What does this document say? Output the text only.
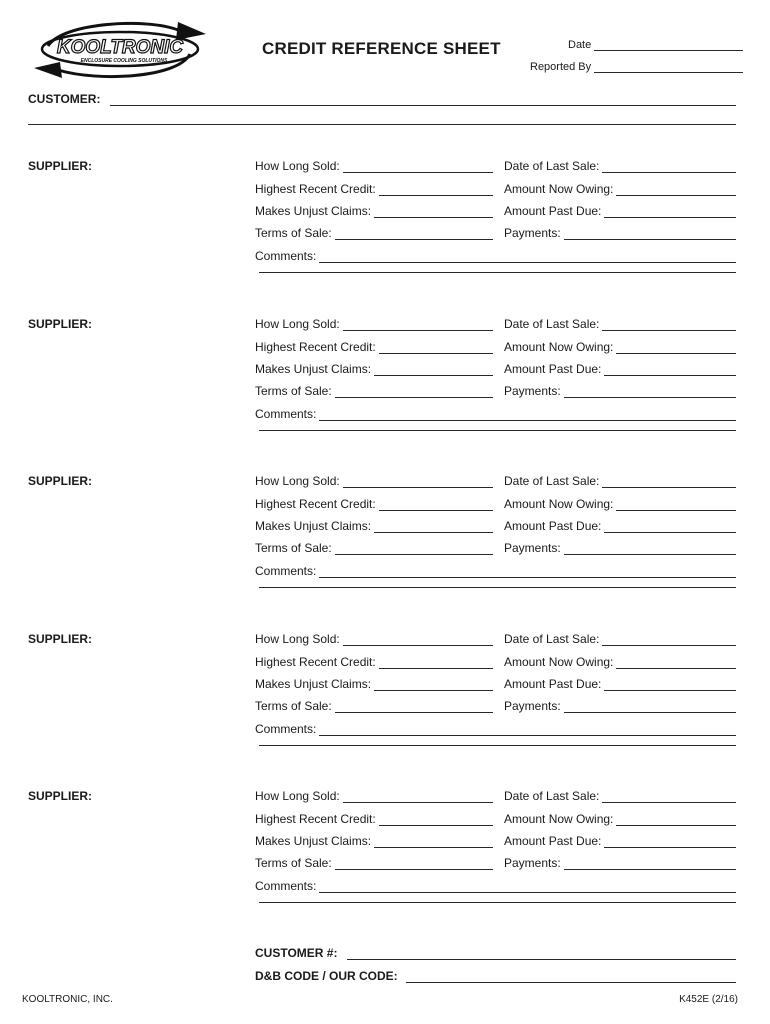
KOOLTRONIC
ENCLOSURE COOLING SOLUTIONS
CREDIT REFERENCE SHEET	Date
Reported By
CUSTOMER:
SUPPLIER:	How Long Sold:	Date of Last Sale:
Highest Recent Credit:	Amount Now Owing:
Makes Unjust Claims:	Amount Past Due:
Terms of Sale:	Payments:
Comments:
SUPPLIER:	How Long Sold:	Date of Last Sale:
Highest Recent Credit:	Amount Now Owing:
Makes Unjust Claims:	Amount Past Due:
Terms of Sale:	Payments:
Comments:
SUPPLIER:	How Long Sold:	Date of Last Sale:
Highest Recent Credit:	Amount Now Owing:
Makes Unjust Claims:	Amount Past Due:
Terms of Sale:	Payments:
Comments:
SUPPLIER:	How Long Sold:	Date of Last Sale:
Highest Recent Credit:	Amount Now Owing:
Makes Unjust Claims:	Amount Past Due:
Terms of Sale:	Payments:
Comments:
SUPPLIER:	How Long Sold:	Date of Last Sale:
Highest Recent Credit:	Amount Now Owing:
Makes Unjust Claims:	Amount Past Due:
Terms of Sale:	Payments:
Comments:
CUSTOMER #:
D&B CODE / OUR CODE:
KOOLTRONIC, INC.	K452E (2/16)
